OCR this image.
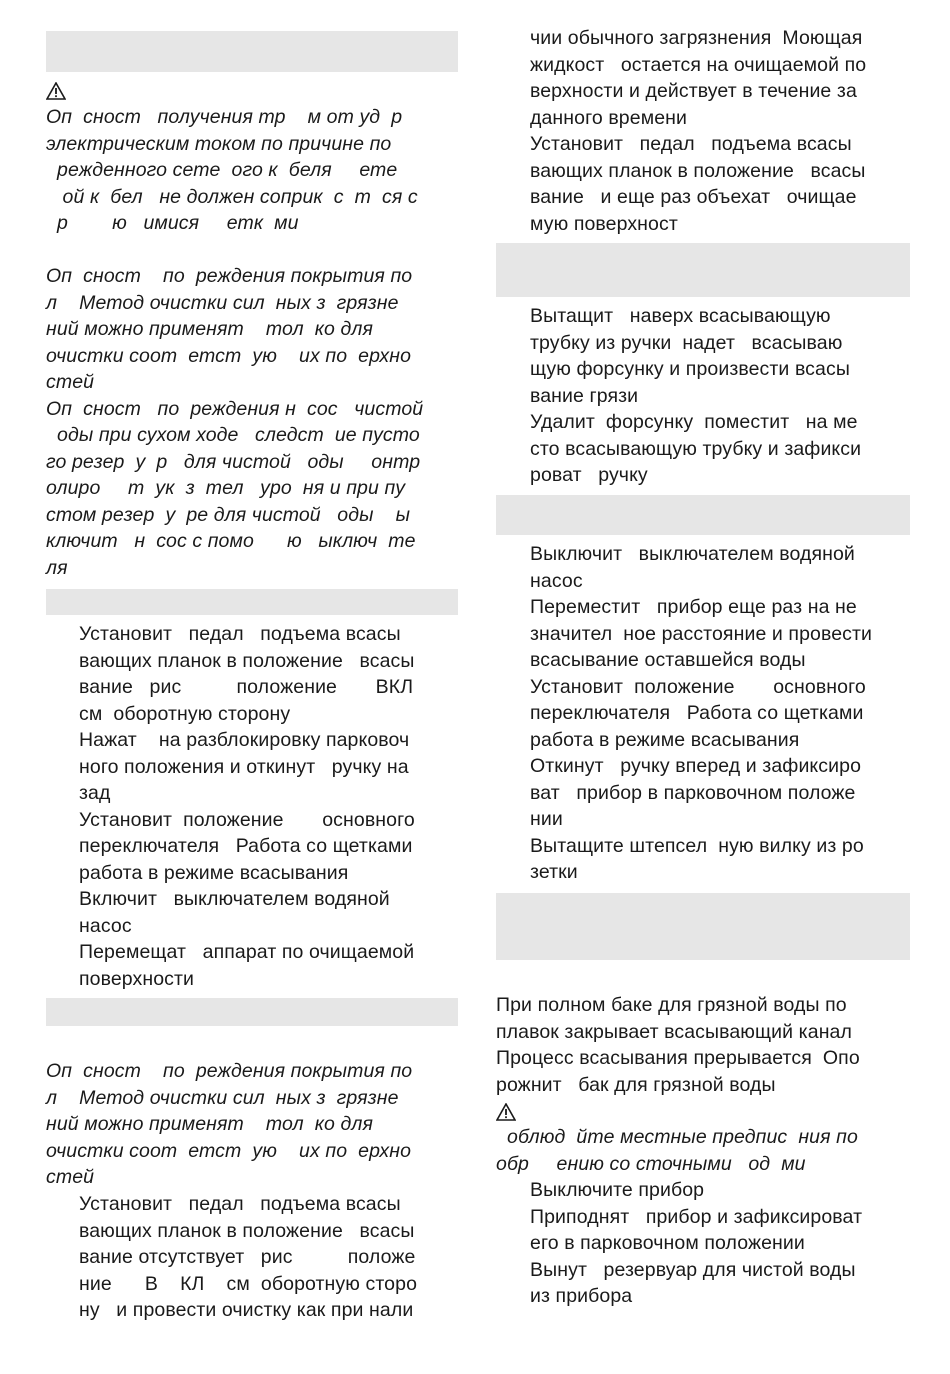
Оп  сност   получения тр    м от уд  р
электрическим током по причине по
режденного сете  ого к  беля     ете
ой к  бел   не должен соприк  с  т  ся с
р        ю   имися     етк  ми
Оп  сност    по  реждения покрытия по
л    Метод очистки сил  ных з  грязне
ний можно применят    тол  ко для
очистки соот  етст  ую    их по  ерхно
стей
Оп  сност   по  реждения н  сос   чистой
оды при сухом ходе   следст  ие пусто
го резер  у  р   для чистой   оды     онтр
олиро     т  ук  з  тел   уро  ня и при пу
стом резер  у  ре для чистой   оды    ы
ключит   н  сос с помо      ю   ыключ  те
ля
Установит   педал   подъема всасы
вающих планок в положение   всасы
вание   рис          положение       ВКЛ
см  оборотную сторону
Нажат    на разблокировку парковоч
ного положения и откинут   ручку на
зад
Установит  положение       основного
переключателя   Работа со щетками
работа в режиме всасывания
Включит   выключателем водяной
насос
Перемещат   аппарат по очищаемой
поверхности
Оп  сност    по  реждения покрытия по
л    Метод очистки сил  ных з  грязне
ний можно применят    тол  ко для
очистки соот  етст  ую    их по  ерхно
стей
Установит   педал   подъема всасы
вающих планок в положение   всасы
вание отсутствует   рис          положе
ние      В    КЛ    см  оборотную сторо
ну   и провести очистку как при нали
чии обычного загрязнения  Моющая
жидкост   остается на очищаемой по
верхности и действует в течение за
данного времени
Установит   педал   подъема всасы
вающих планок в положение   всасы
вание   и еще раз объехат   очищае
мую поверхност
Вытащит   наверх всасывающую
трубку из ручки  надет   всасываю
щую форсунку и произвести всасы
вание грязи
Удалит  форсунку  поместит   на ме
сто всасывающую трубку и зафикси
роват   ручку
Выключит   выключателем водяной
насос
Переместит   прибор еще раз на не
значител  ное расстояние и провести
всасывание оставшейся воды
Установит  положение       основного
переключателя   Работа со щетками
работа в режиме всасывания
Откинут   ручку вперед и зафиксиро
ват   прибор в парковочном положе
нии
Вытащите штепсел  ную вилку из ро
зетки
При полном баке для грязной воды по
плавок закрывает всасывающий канал
Процесс всасывания прерывается  Опо
рожнит   бак для грязной воды
облюд  йте местные предпис  ния по
обр     ению со сточными   од  ми
Выключите прибор
Приподнят   прибор и зафиксироват
его в парковочном положении
Вынут   резервуар для чистой воды
из прибора
